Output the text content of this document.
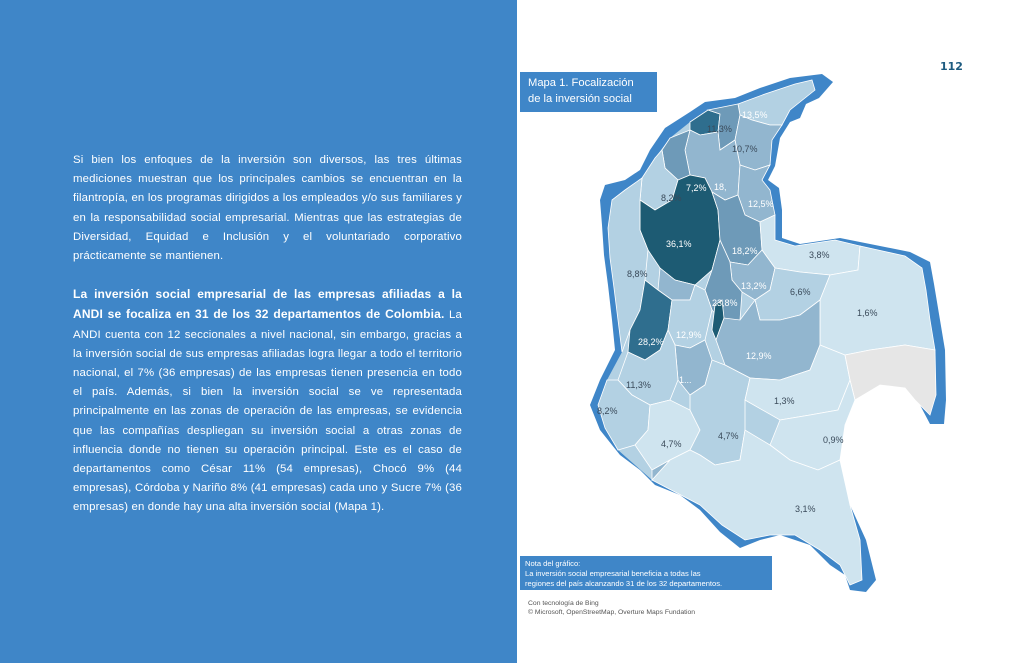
Si bien los enfoques de la inversión son diversos, las tres últimas mediciones muestran que los principales cambios se encuentran en la filantropía, en los programas dirigidos a los empleados y/o sus familiares y en la responsabilidad social empresarial. Mientras que las estrategias de Diversidad, Equidad e Inclusión y el voluntariado corporativo prácticamente se mantienen.

La inversión social empresarial de las empresas afiliadas a la ANDI se focaliza en 31 de los 32 departamentos de Colombia. La ANDI cuenta con 12 seccionales a nivel nacional, sin embargo, gracias a la inversión social de sus empresas afiliadas logra llegar a todo el territorio nacional, el 7% (36 empresas) de las empresas tienen presencia en todo el país. Además, si bien la inversión social se ve representada principalmente en las zonas de operación de las empresas, se evidencia que las compañías despliegan su inversión social a otras zonas de influencia donde no tienen su operación principal. Este es el caso de departamentos como César 11% (54 empresas), Chocó 9% (44 empresas), Córdoba y Nariño 8% (41 empresas) cada uno y Sucre 7% (36 empresas) en donde hay una alta inversión social (Mapa 1).

112
13,5%
11,3%
10,7%
7,2% 18,
8,2%
12,5%
36,1%
18,2%	3,8%
8,8%
13,2%
6,6%
1,6%
23,8%
28,2%
12,9%
12,9%
11,3%	1...
1,3%
8,2%
4,7%
4,7%	0,9%
3,1%
Mapa 1. Focalización
de la inversión social
Nota del gráfico:
La inversión social empresarial beneficia a todas las
regiones del país alcanzando 31 de los 32 departamentos.
Con tecnología de Bing
© Microsoft, OpenStreetMap, Overture Maps Fundation
